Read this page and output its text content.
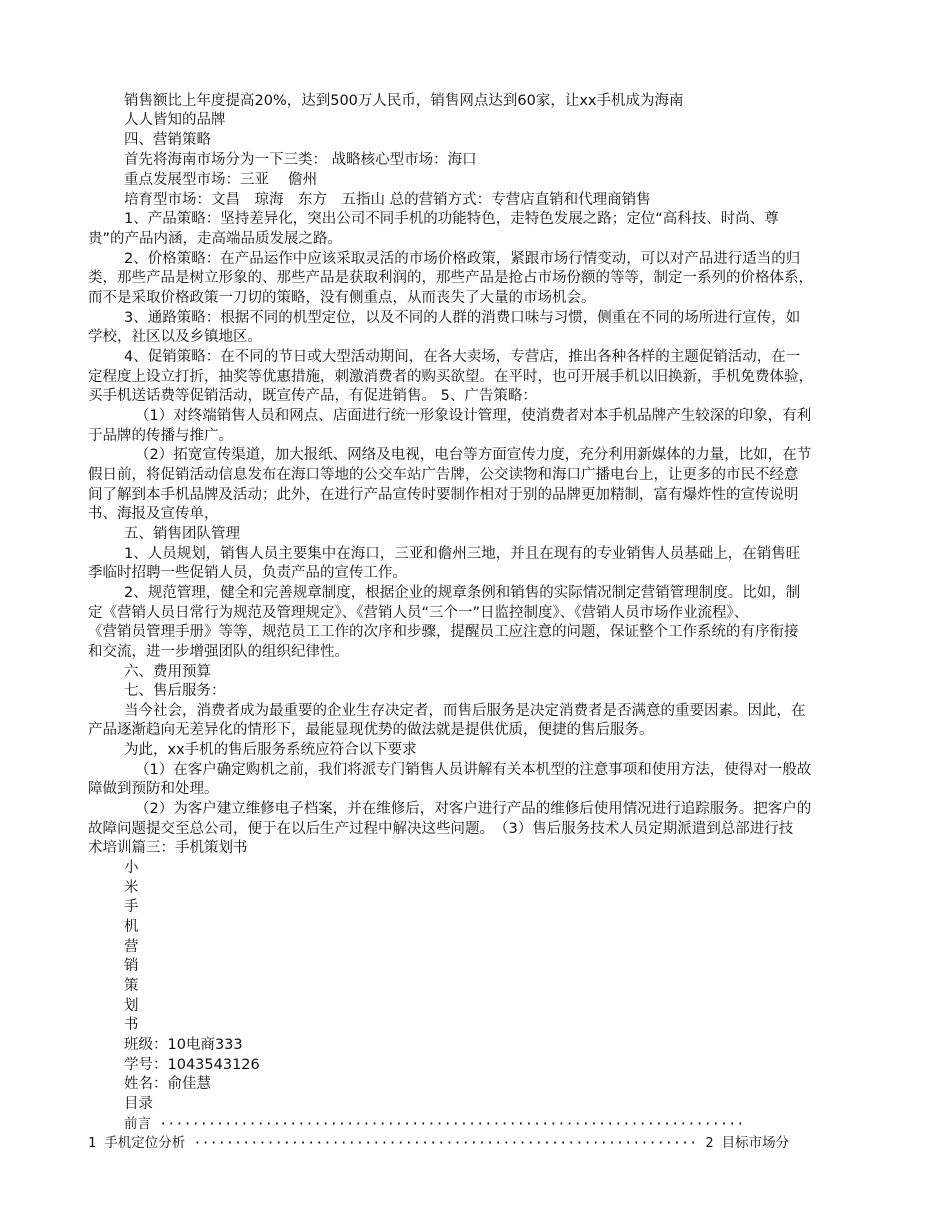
销售额比上年度提高20%，达到500万人民币，销售网点达到60家，让xx手机成为海南
人人皆知的品牌
四、营销策略
首先将海南市场分为一下三类： 战略核心型市场：海口
重点发展型市场：三亚　 儋州
培育型市场：文昌　琼海　东方　五指山 总的营销方式：专营店直销和代理商销售
1、产品策略：坚持差异化，突出公司不同手机的功能特色，走特色发展之路；定位“高科技、时尚、尊
贵”的产品内涵，走高端品质发展之路。
2、价格策略：在产品运作中应该采取灵活的市场价格政策，紧跟市场行情变动，可以对产品进行适当的归
类，那些产品是树立形象的、那些产品是获取利润的，那些产品是抢占市场份额的等等，制定一系列的价格体系，
而不是采取价格政策一刀切的策略，没有侧重点，从而丧失了大量的市场机会。
3、通路策略：根据不同的机型定位，以及不同的人群的消费口味与习惯，侧重在不同的场所进行宣传，如
学校，社区以及乡镇地区。
4、促销策略：在不同的节日或大型活动期间，在各大卖场，专营店，推出各种各样的主题促销活动，在一
定程度上设立打折，抽奖等优惠措施，刺激消费者的购买欲望。在平时，也可开展手机以旧换新，手机免费体验，
买手机送话费等促销活动，既宣传产品，有促进销售。 5、广告策略：
（1）对终端销售人员和网点、店面进行统一形象设计管理，使消费者对本手机品牌产生较深的印象，有利
于品牌的传播与推广。
（2）拓宽宣传渠道，加大报纸、网络及电视，电台等方面宣传力度，充分利用新媒体的力量，比如，在节
假日前，将促销活动信息发布在海口等地的公交车站广告牌，公交读物和海口广播电台上，让更多的市民不经意
间了解到本手机品牌及活动；此外，在进行产品宣传时要制作相对于别的品牌更加精制，富有爆炸性的宣传说明
书、海报及宣传单，
五、销售团队管理
1、人员规划，销售人员主要集中在海口，三亚和儋州三地，并且在现有的专业销售人员基础上，在销售旺
季临时招聘一些促销人员，负责产品的宣传工作。
2、规范管理，健全和完善规章制度，根据企业的规章条例和销售的实际情况制定营销管理制度。比如，制
定《营销人员日常行为规范及管理规定》、《营销人员“三个一”日监控制度》、《营销人员市场作业流程》、
《营销员管理手册》等等，规范员工工作的次序和步骤，提醒员工应注意的问题，保证整个工作系统的有序衔接
和交流，进一步增强团队的组织纪律性。
六、费用预算
七、售后服务：
当今社会，消费者成为最重要的企业生存决定者，而售后服务是决定消费者是否满意的重要因素。因此，在
产品逐渐趋向无差异化的情形下，最能显现优势的做法就是提供优质，便捷的售后服务。
为此，xx手机的售后服务系统应符合以下要求
（1）在客户确定购机之前，我们将派专门销售人员讲解有关本机型的注意事项和使用方法，使得对一般故
障做到预防和处理。
（2）为客户建立维修电子档案，并在维修后，对客户进行产品的维修后使用情况进行追踪服务。把客户的
故障问题提交至总公司，便于在以后生产过程中解决这些问题。　（3）售后服务技术人员定期派遣到总部进行技
术培训篇三：手机策划书
小
米
手
机
营
销
策
划
书
班级：10电商333
学号：1043543126
姓名：俞佳慧
目录
前言 ········································································
1 手机定位分析 ······························································ 2 目标市场分
